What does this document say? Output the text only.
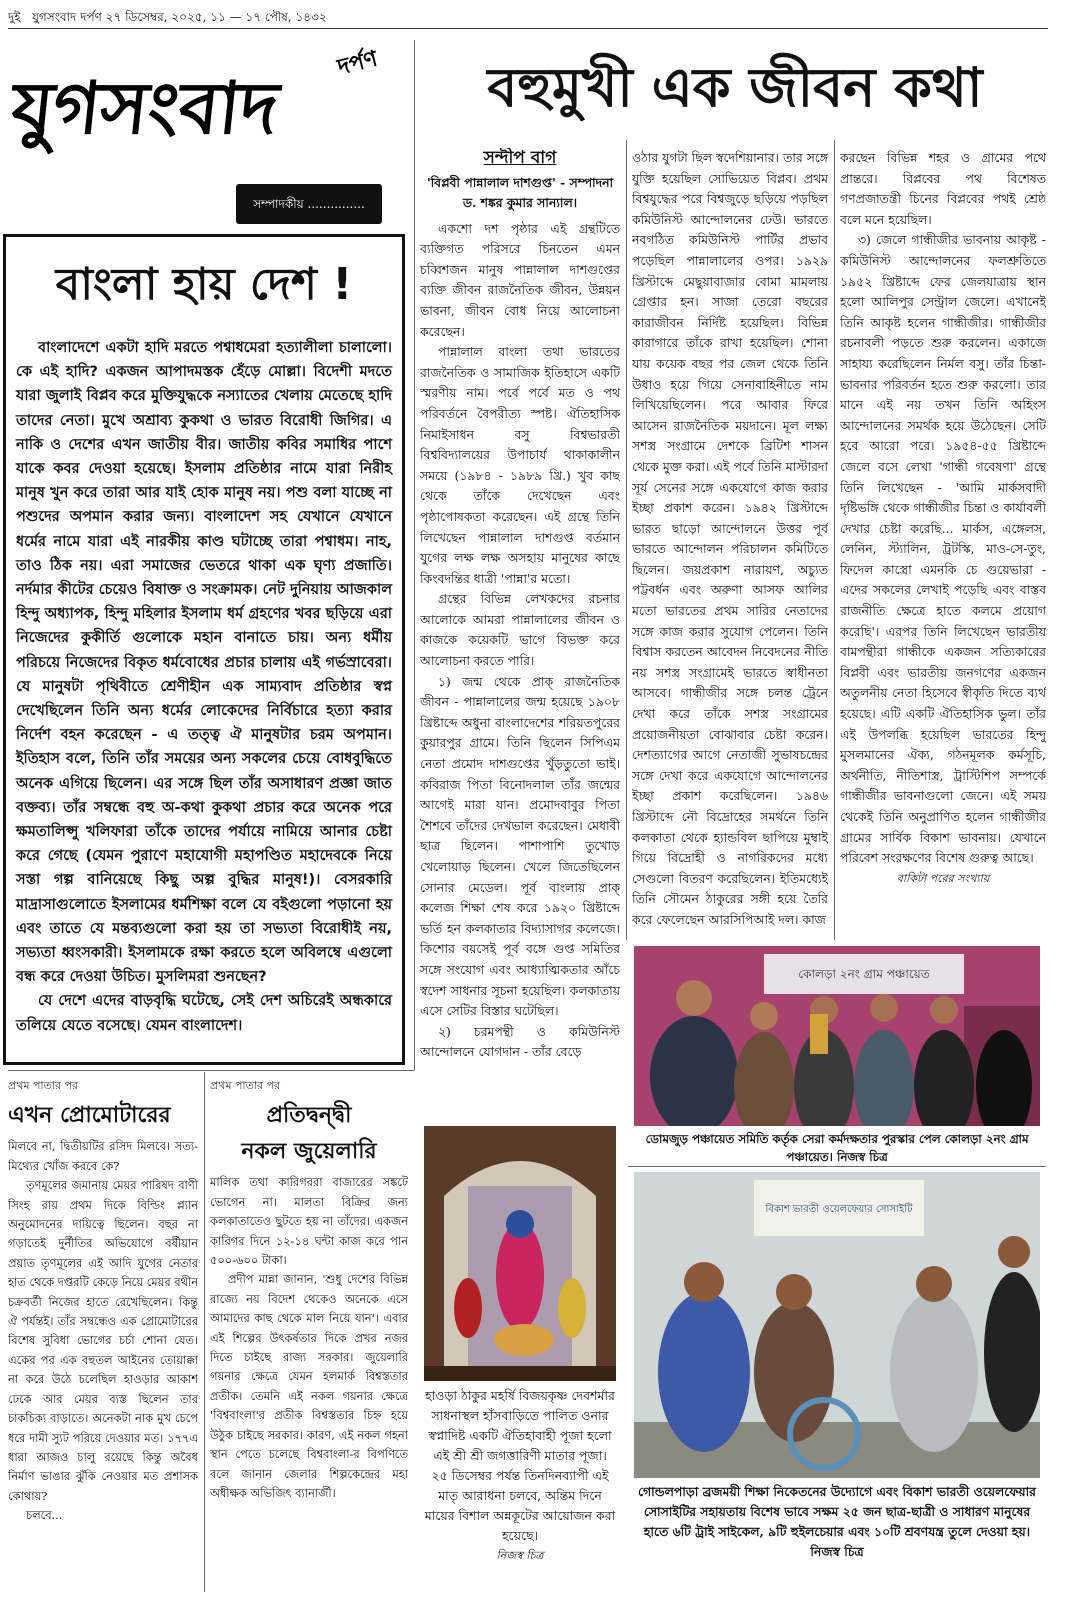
দুই যুগসংবাদ দর্পণ ২৭ ডিসেম্বর, ২০২৫, ১১ — ১৭ পৌষ, ১৪৩২
যুগসংবাদ
দর্পণ
সম্পাদকীয় ...............
বাংলা হায় দেশ !

বাংলাদেশে একটা হাদি মরতে পশ্বাধমেরা হত্যালীলা চালালো। কে এই হাদি? একজন আপাদমস্তক হেঁড়ে মোল্লা। বিদেশী মদতে যারা জুলাই বিপ্লব করে মুক্তিযুদ্ধকে নস্যাতের খেলায় মেতেছে হাদি তাদের নেতা। মুখে অশ্রাব্য কুকথা ও ভারত বিরোধী জিগির। এ নাকি ও দেশের এখন জাতীয় বীর। জাতীয় কবির সমাধির পাশে যাকে কবর দেওয়া হয়েছে। ইসলাম প্রতিষ্ঠার নামে যারা নিরীহ মানুষ খুন করে তারা আর যাই হোক মানুষ নয়। পশু বলা যাচ্ছে না পশুদের অপমান করার জন্য। বাংলাদেশ সহ যেখানে যেখানে ধর্মের নামে যারা এই নারকীয় কাণ্ড ঘটাচ্ছে তারা পশ্বাধম। নাহ, তাও ঠিক নয়। এরা সমাজের ভেতরে থাকা এক ঘৃণ্য প্রজাতি। নর্দমার কীটের চেয়েও বিষাক্ত ও সংক্রামক। নেট দুনিয়ায় আজকাল হিন্দু অধ্যাপক, হিন্দু মহিলার ইসলাম ধর্ম গ্রহণের খবর ছড়িয়ে এরা নিজেদের কুকীর্তি গুলোকে মহান বানাতে চায়। অন্য ধর্মীয় পরিচয়ে নিজেদের বিকৃত ধর্মবোধের প্রচার চালায় এই গর্ভস্রাবেরা। যে মানুষটা পৃথিবীতে শ্রেণীহীন এক সাম্যবাদ প্রতিষ্ঠার স্বপ্ন দেখেছিলেন তিনি অন্য ধর্মের লোকেদের নির্বিচারে হত্যা করার নির্দেশ বহন করেছেন - এ তত্ত্ব ঐ মানুষটার চরম অপমান। ইতিহাস বলে, তিনি তাঁর সময়ের অন্য সকলের চেয়ে বোধবুদ্ধিতে অনেক এগিয়ে ছিলেন। এর সঙ্গে ছিল তাঁর অসাধারণ প্রজ্ঞা জাত বক্তব্য। তাঁর সম্বন্ধে বহু অ-কথা কুকথা প্রচার করে অনেক পরে ক্ষমতালিপ্সু খলিফারা তাঁকে তাদের পর্যায়ে নামিয়ে আনার চেষ্টা করে গেছে (যেমন পুরাণে মহাযোগী মহাপণ্ডিত মহাদেবকে নিয়ে সস্তা গল্প বানিয়েছে কিছু অল্প বুদ্ধির মানুষ!)। বেসরকারি মাদ্রাসাগুলোতে ইসলামের ধর্মশিক্ষা বলে যে বইগুলো পড়ানো হয় এবং তাতে যে মন্তব্যগুলো করা হয় তা সভ্যতা বিরোধীই নয়, সভ্যতা ধ্বংসকারী। ইসলামকে রক্ষা করতে হলে অবিলম্বে এগুলো বন্ধ করে দেওয়া উচিত। মুসলিমরা শুনছেন?

যে দেশে এদের বাড়বৃদ্ধি ঘটেছে, সেই দেশ অচিরেই অন্ধকারে তলিয়ে যেতে বসেছে। যেমন বাংলাদেশ।

প্রথম পাতার পর
এখন প্রোমোটারের

মিলবে না, দ্বিতীয়টির রসিদ মিলবে। সত্য-মিথ্যের খোঁজ করবে কে?

তৃণমূলের জমানায় মেয়র পারিষদ বাণী সিংহ রায় প্রথম দিকে বিল্ডিং প্ল্যান অনুমোদনের দায়িত্বে ছিলেন। বছর না গড়াতেই দুর্নীতির অভিযোগে বর্ষীয়ান প্রয়াত তৃণমূলের এই আদি যুগের নেতার হাত থেকে দপ্তরটি কেড়ে নিয়ে মেয়র রথীন চক্রবর্তী নিজের হাতে রেখেছিলেন। কিন্তু ঐ পর্যন্তই। তাঁর সম্বন্ধেও এক প্রোমোটারের বিশেষ সুবিধা ভোগের চর্চা শোনা যেত। একের পর এক বহুতল আইনের তোয়াক্কা না করে উঠে চলেছিল হাওড়ার আকাশ ঢেকে আর মেয়র ব্যস্ত ছিলেন তার চাকচিক্য বাড়াতে। অনেকটা নাক মুখ চেপে ধরে দামী স্যুট পরিয়ে দেওয়ার মত। ১৭৭এ ধারা আজও চালু রয়েছে কিন্তু অবৈধ নির্মাণ ভাঙার ঝুঁকি নেওয়ার মত প্রশাসক কোথায়?

চলবে...

প্রথম পাতার পর
প্রতিদ্বন্দ্বী
নকল জুয়েলারি

মালিক তথা কারিগররা বাজারের সঙ্কটে ভোগেন না। মালতা বিক্রির জন্য কলকাতাতেও ছুটতে হয় না তাঁদের। একজন কারিগর দিনে ১২-১৪ ঘন্টা কাজ করে পান ৫০০-৬০০ টাকা।

প্রদীপ মান্না জানান, 'শুধু দেশের বিভিন্ন রাজ্যে নয় বিদেশ থেকেও অনেকে এসে আমাদের কাছ থেকে মাল নিয়ে যান'। এবার এই শিল্পের উৎকর্ষতার দিকে প্রখর নজর দিতে চাইছে রাজ্য সরকার। জুয়েলারি গয়নার ক্ষেত্রে যেমন হলমার্ক বিশ্বস্ততার প্রতীক। তেমনি এই নকল গয়নার ক্ষেত্রে 'বিশ্ববাংলা'র প্রতীক বিশ্বস্ততার চিহ্ন হয়ে উঠুক চাইছে সরকার। কারণ, এই নকল গহনা স্থান পেতে চলেছে বিশ্ববাংলা-র বিপণিতে বলে জানান জেলার শিল্পকেন্দ্রের মহা অধীক্ষক অভিজিৎ ব্যানার্জী।

বহুমুখী এক জীবন কথা
সন্দীপ বাগ
'বিপ্লবী পান্নালাল দাশগুপ্ত' - সম্পাদনা ড. শঙ্কর কুমার সান্যাল।

একশো দশ পৃষ্ঠার এই গ্রন্থটিতে ব্যক্তিগত পরিসরে চিনতেন এমন চব্বিশজন মানুষ পান্নালাল দাশগুপ্তের ব্যক্তি জীবন রাজনৈতিক জীবন, উন্নয়ন ভাবনা, জীবন বোধ নিয়ে আলোচনা করেছেন।

পান্নালাল বাংলা তথা ভারতের রাজনৈতিক ও সামাজিক ইতিহাসে একটি স্মরণীয় নাম। পর্বে পর্বে মত ও পথ পরিবর্তনে বৈপরীত্য স্পষ্ট। ঐতিহাসিক নিমাইসাধন বসু বিশ্বভারতী বিশ্ববিদ্যালয়ের উপাচার্য থাকাকালীন সময়ে (১৯৮৪ - ১৯৮৯ খ্রি.) খুব কাছ থেকে তাঁকে দেখেছেন এবং পৃষ্ঠাপোষকতা করেছেন। এই গ্রন্থে তিনি লিখেছেন পান্নালাল দাশগুপ্ত বর্তমান যুগের লক্ষ লক্ষ অসহায় মানুষের কাছে কিংবদন্তির ধাত্রী 'পান্না'র মতো।

গ্রন্থের বিভিন্ন লেখকদের রচনার আলোকে আমরা পান্নালালের জীবন ও কাজকে কয়েকটি ভাগে বিভক্ত করে আলোচনা করতে পারি।

১) জন্ম থেকে প্রাক্ রাজনৈতিক জীবন - পান্নালালের জন্ম হয়েছে ১৯০৮ খ্রিষ্টাব্দে অধুনা বাংলাদেশের শরিয়তপুরের কুয়ারপুর গ্রামে। তিনি ছিলেন সিপিএম নেতা প্রমোদ দাশগুপ্তের খুঁড়তুতো ভাই। কবিরাজ পিতা বিনোদলাল তাঁর জন্মের আগেই মারা যান। প্রমোদবাবুর পিতা শৈশবে তাঁদের দেখভাল করেছেন। মেধাবী ছাত্র ছিলেন। পাশাপাশি তুখোড় খেলোয়াড় ছিলেন। খেলে জিতেছিলেন সোনার মেডেল। পূর্ব বাংলায় প্রাক্ কলেজ শিক্ষা শেষ করে ১৯২০ খ্রিষ্টাব্দে ভর্তি হন কলকাতার বিদ্যাসাগর কলেজে। কিশোর বয়সেই পূর্ব বঙ্গে গুপ্ত সমিতির সঙ্গে সংযোগ এবং আধ্যাত্মিকতার আঁচে স্বদেশ সাধনার সূচনা হয়েছিল। কলকাতায় এসে সেটির বিস্তার ঘটেছিল।

২) চরমপন্থী ও কমিউনিস্ট আন্দোলনে যোগদান - তাঁর বেড়ে

ওঠার যুগটা ছিল স্বদেশিয়ানার। তার সঙ্গে যুক্তি হয়েছিল সোভিয়েত বিপ্লব। প্রথম বিশ্বযুদ্ধের পরে বিশ্বজুড়ে ছড়িয়ে পড়ছিল কমিউনিস্ট আন্দোলনের ঢেউ। ভারতে নবগঠিত কমিউনিস্ট পার্টির প্রভাব পড়েছিল পান্নালালের ওপর। ১৯২৯ খ্রিস্টাব্দে মেছুয়াবাজার বোমা মামলায় গ্রেপ্তার হন। সাজা তেরো বছরের কারাজীবন নির্দিষ্ট হয়েছিল। বিভিন্ন কারাগারে তাঁকে রাখা হয়েছিল। শোনা যায় কয়েক বছর পর জেল থেকে তিনি উধাও হয়ে গিয়ে সেনাবাহিনীতে নাম লিখিয়েছিলেন। পরে আবার ফিরে আসেন রাজনৈতিক ময়দানে। মূল লক্ষ্য সশস্ত্র সংগ্রামে দেশকে ব্রিটিশ শাসন থেকে মুক্ত করা। এই পর্বে তিনি মাস্টারদা সূর্য সেনের সঙ্গে একযোগে কাজ করার ইচ্ছা প্রকাশ করেন। ১৯৪২ খ্রিস্টাব্দে ভারত ছাড়ো আন্দোলনে উত্তর পূর্ব ভারতে আন্দোলন পরিচালন কমিটিতে ছিলেন। জয়প্রকাশ নারায়ণ, অচ্যুত পট্টবর্ধন এবং অরুণা আসফ আলির মতো ভারতের প্রথম সারির নেতাদের সঙ্গে কাজ করার সুযোগ পেলেন। তিনি বিশ্বাস করতেন আবেদন নিবেদনের নীতি নয় সশস্ত্র সংগ্রামেই ভারতে স্বাধীনতা আসবে। গান্ধীজীর সঙ্গে চলন্ত ট্রেনে দেখা করে তাঁকে সশস্ত্র সংগ্রামের প্রয়োজনীয়তা বোঝাবার চেষ্টা করেন। দেশত্যাগের আগে নেতাজী সুভাষচন্দ্রের সঙ্গে দেখা করে একযোগে আন্দোলনের ইচ্ছা প্রকাশ করেছিলেন। ১৯৪৬ খ্রিস্টাব্দে নৌ বিদ্রোহের সমর্থনে তিনি কলকাতা থেকে হ্যান্ডবিল ছাপিয়ে মুম্বাই গিয়ে বিদ্রোহী ও নাগরিকদের মধ্যে সেগুলো বিতরণ করেছিলেন। ইতিমধ্যেই তিনি সৌমেন ঠাকুরের সঙ্গী হয়ে তৈরি করে ফেলেছেন আরসিপিআই দল। কাজ

করছেন বিভিন্ন শহর ও গ্রামের পথে প্রান্তরে। বিপ্লবের পথ বিশেষত গণপ্রজাতন্ত্রী চিনের বিপ্লবের পথই শ্রেষ্ঠ বলে মনে হয়েছিল।

৩) জেলে গান্ধীজীর ভাবনায় আকৃষ্ট - কমিউনিস্ট আন্দোলনের ফলশ্রুতিতে ১৯৫২ খ্রিষ্টাব্দে ফের জেলযাত্রায় স্থান হলো আলিপুর সেন্ট্রাল জেলে। এখানেই তিনি আকৃষ্ট হলেন গান্ধীজীর। গান্ধীজীর রচনাবলী পড়তে শুরু করলেন। একাজে সাহায্য করেছিলেন নির্মল বসু। তাঁর চিন্তা-ভাবনার পরিবর্তন হতে শুরু করলো। তার মানে এই নয় তখন তিনি অহিংস আন্দোলনের সমর্থক হয়ে উঠেছেন। সেটি হবে আরো পরে। ১৯৫৪-৫৫ খ্রিষ্টাব্দে জেলে বসে লেখা 'গান্ধী গবেষণা' গ্রন্থে তিনি লিখেছেন - 'আমি মার্কসবাদী দৃষ্টিভঙ্গি থেকে গান্ধীজীর চিন্তা ও কার্যাবলী দেখার চেষ্টা করেছি... মার্কস, এঙ্গেলস, লেনিন, স্ট্যালিন, ট্রটস্কি, মাও-সে-তুং, ফিদেল কাস্ত্রো এমনকি চে গুয়েভারা - এদের সকলের লেখাই পড়েছি এবং বাস্তব রাজনীতি ক্ষেত্রে হাতে কলমে প্রয়োগ করেছি'। এরপর তিনি লিখেছেন ভারতীয় বামপন্থীরা গান্ধীকে একজন সত্যিকারের বিপ্লবী এবং ভারতীয় জনগণের একজন অতুলনীয় নেতা হিসেবে স্বীকৃতি দিতে ব্যর্থ হয়েছে। এটি একটি ঐতিহাসিক ভুল। তাঁর এই উপলব্ধি হয়েছিল ভারতের হিন্দু মুসলমানের ঐক্য, গঠনমূলক কর্মসূচি, অর্থনীতি, নীতিশাস্ত্র, ট্রাস্টিশিপ সম্পর্কে গান্ধীজীর ভাবনাগুলো জেনে। এই সময় থেকেই তিনি অনুপ্রাণিত হলেন গান্ধীজীর গ্রামের সার্বিক বিকাশ ভাবনায়। যেখানে পরিবেশ সংরক্ষণের বিশেষ গুরুত্ব আছে।

বাকিটা পরের সংখ্যায়
হাওড়া ঠাকুর মহর্ষি বিজয়কৃষ্ণ দেবশর্মার সাধনাস্থল হাঁসবাড়িতে পালিত ওনার স্বপ্নাদিষ্ট একটি ঐতিহাবাহী পূজা হলো এই শ্রী শ্রী জগত্তারিণী মাতার পূজা। ২৫ ডিসেম্বর পর্যন্ত তিনদিনব্যাপী এই মাতৃ আরাধনা চলবে, অন্তিম দিনে মায়ের বিশাল অন্নকূটের আয়োজন করা হয়েছে।
নিজস্ব চিত্র
কোলড়া ২নং গ্রাম পঞ্চায়েত
ডোমজুড় পঞ্চায়েত সমিতি কর্তৃক সেরা কর্মদক্ষতার পুরস্কার পেল কোলড়া ২নং গ্রাম পঞ্চায়েত। নিজস্ব চিত্র
বিকাশ ভারতী ওয়েলফেয়ার সোসাইটি
গোন্ডলপাড়া ব্রজময়ী শিক্ষা নিকেতনের উদ্যোগে এবং বিকাশ ভারতী ওয়েলফেয়ার সোসাইটির সহায়তায় বিশেষ ভাবে সক্ষম ২৫ জন ছাত্র-ছাত্রী ও সাধারণ মানুষের হাতে ৬টি ট্রাই সাইকেল, ৯টি হুইলচেয়ার এবং ১০টি শ্রবণযন্ত্র তুলে দেওয়া হয়। নিজস্ব চিত্র
